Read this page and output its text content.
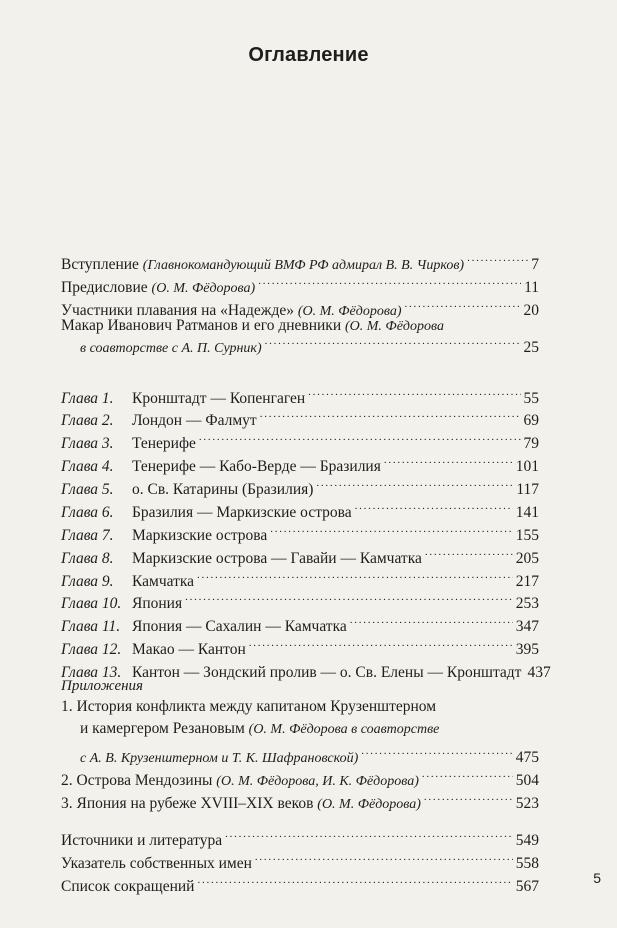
Оглавление
Вступление (Главнокомандующий ВМФ РФ адмирал В. В. Чирков) . . .	7
Предисловие (О. М. Фёдорова) . . .	11
Участники плавания на «Надежде» (О. М. Фёдорова) . . .	20
Макар Иванович Ратманов и его дневники (О. М. Фёдорова
в соавторстве с А. П. Сурник) . . .	25
Глава 1. Кронштадт — Копенгаген . . .	55
Глава 2. Лондон — Фалмут . . .	69
Глава 3. Тенерифе . . .	79
Глава 4. Тенерифе — Кабо-Верде — Бразилия . . .	101
Глава 5. о. Св. Катарины (Бразилия) . . .	117
Глава 6. Бразилия — Маркизские острова . . .	141
Глава 7. Маркизские острова . . .	155
Глава 8. Маркизские острова — Гавайи — Камчатка . . .	205
Глава 9. Камчатка . . .	217
Глава 10. Япония . . .	253
Глава 11. Япония — Сахалин — Камчатка . . .	347
Глава 12. Макао — Кантон . . .	395
Глава 13. Кантон — Зондский пролив — о. Св. Елены — Кронштадт 437
Приложения
1. История конфликта между капитаном Крузенштерном
и камергером Резановым (О. М. Фёдорова в соавторстве
с А. В. Крузенштерном и Т. К. Шафрановской) . . .	475
2. Острова Мендозины (О. М. Фёдорова, И. К. Фёдорова) . . .	504
3. Япония на рубеже XVIII–XIX веков (О. М. Фёдорова) . . .	523
Источники и литература . . .	549
Указатель собственных имен . . .	558
Список сокращений . . .	567	5
